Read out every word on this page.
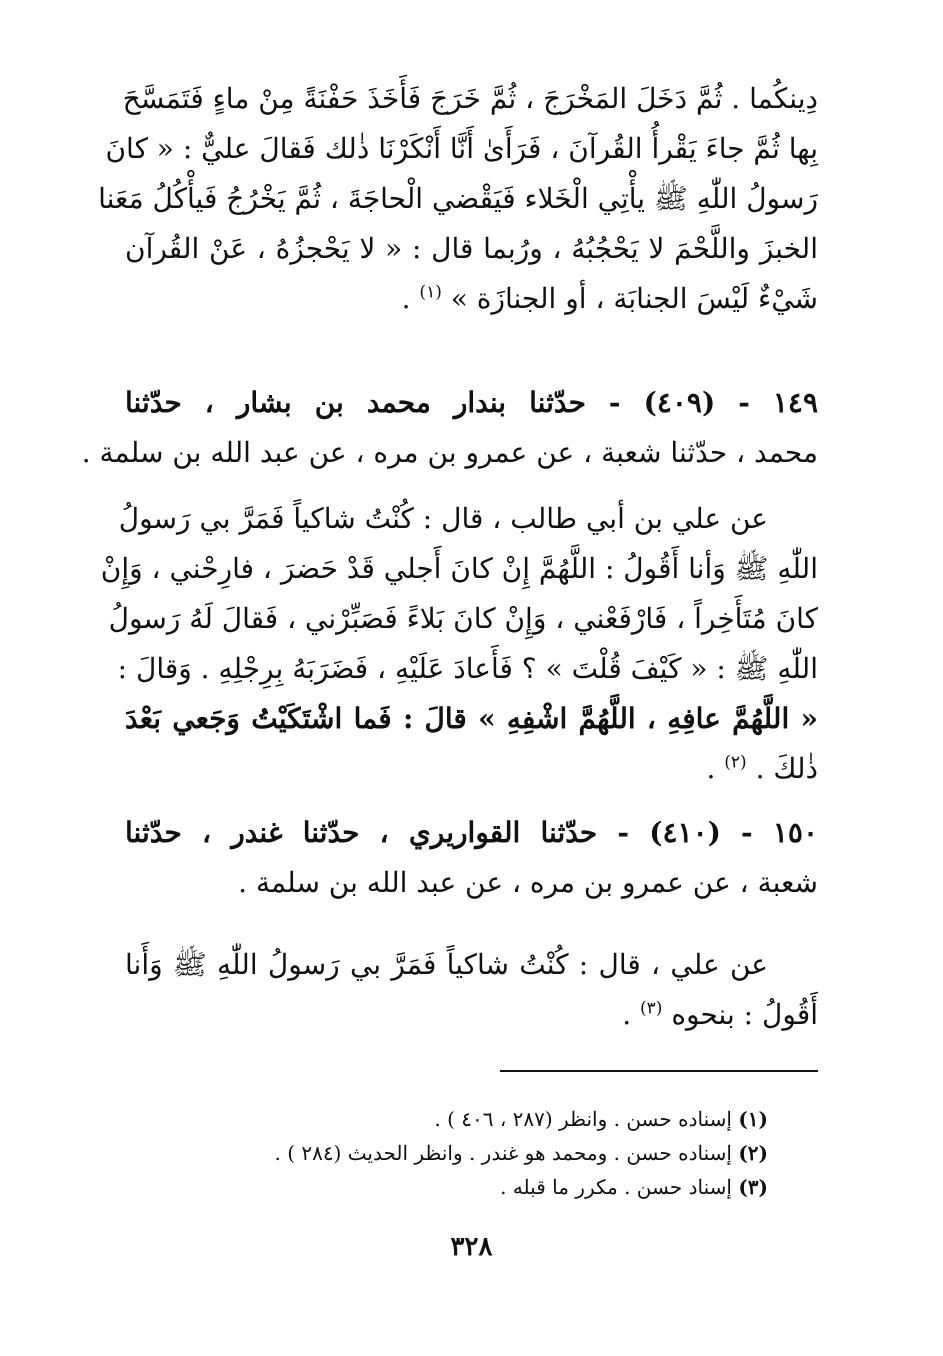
دِينكُما . ثُمَّ دَخَلَ المَخْرَجَ ، ثُمَّ خَرَجَ فَأَخَذَ حَفْنَةً مِنْ ماءٍ فَتَمَسَّحَ
بِها ثُمَّ جاءَ يَقْرأُ القُرآنَ ، فَرَأَىٰ أَنَّا أَنْكَرْنَا ذٰلك فَقالَ عليٌّ : « كانَ
رَسولُ اللّٰهِ ﷺ يأْتِي الْخَلاء فَيَقْضي الْحاجَةَ ، ثُمَّ يَخْرُجُ فَيأْكُلُ مَعَنا
الخبزَ واللَّحْمَ لا يَحْجُبُهُ ، ورُبما قال : « لا يَحْجزُهُ ، عَنْ القُرآن
شَيْءٌ لَيْسَ الجنابَة ، أو الجنازَة » $^{(١)}$ .
١٤٩ - (٤٠٩) - حدّثنا بندار محمد بن بشار ، حدّثنا
محمد ، حدّثنا شعبة ، عن عمرو بن مره ، عن عبد الله بن سلمة .
عن علي بن أبي طالب ، قال : كُنْتُ شاكياً فَمَرَّ بي رَسولُ
اللّٰهِ ﷺ وَأنا أَقُولُ : اللَّهُمَّ إِنْ كانَ أَجلي قَدْ حَضرَ ، فارِحْني ، وَإِنْ
كانَ مُتَأَخِراً ، فَارْفَعْني ، وَإِنْ كانَ بَلاءً فَصَبِّرْني ، فَقالَ لَهُ رَسولُ
اللّٰهِ ﷺ : « كَيْفَ قُلْتَ » ؟ فَأَعادَ عَلَيْهِ ، فَضَرَبَهُ بِرِجْلِهِ . وَقالَ :
« اللَّهُمَّ عافِهِ ، اللَّهُمَّ اشْفِهِ » قالَ : فَما اشْتَكَيْتُ وَجَعي بَعْدَ
ذٰلكَ . $^{(٢)}$ .
١٥٠ - (٤١٠) - حدّثنا القواريري ، حدّثنا غندر ، حدّثنا
شعبة ، عن عمرو بن مره ، عن عبد الله بن سلمة .
عن علي ، قال : كُنْتُ شاكياً فَمَرَّ بي رَسولُ اللّٰهِ ﷺ وَأَنا
أَقُولُ : بنحوه $^{(٣)}$ .
(١) إسناده حسن . وانظر (٢٨٧ ، ٤٠٦ ) .
(٢) إسناده حسن . ومحمد هو غندر . وانظر الحديث (٢٨٤ ) .
(٣) إسناد حسن . مكرر ما قبله .
٣٢٨
